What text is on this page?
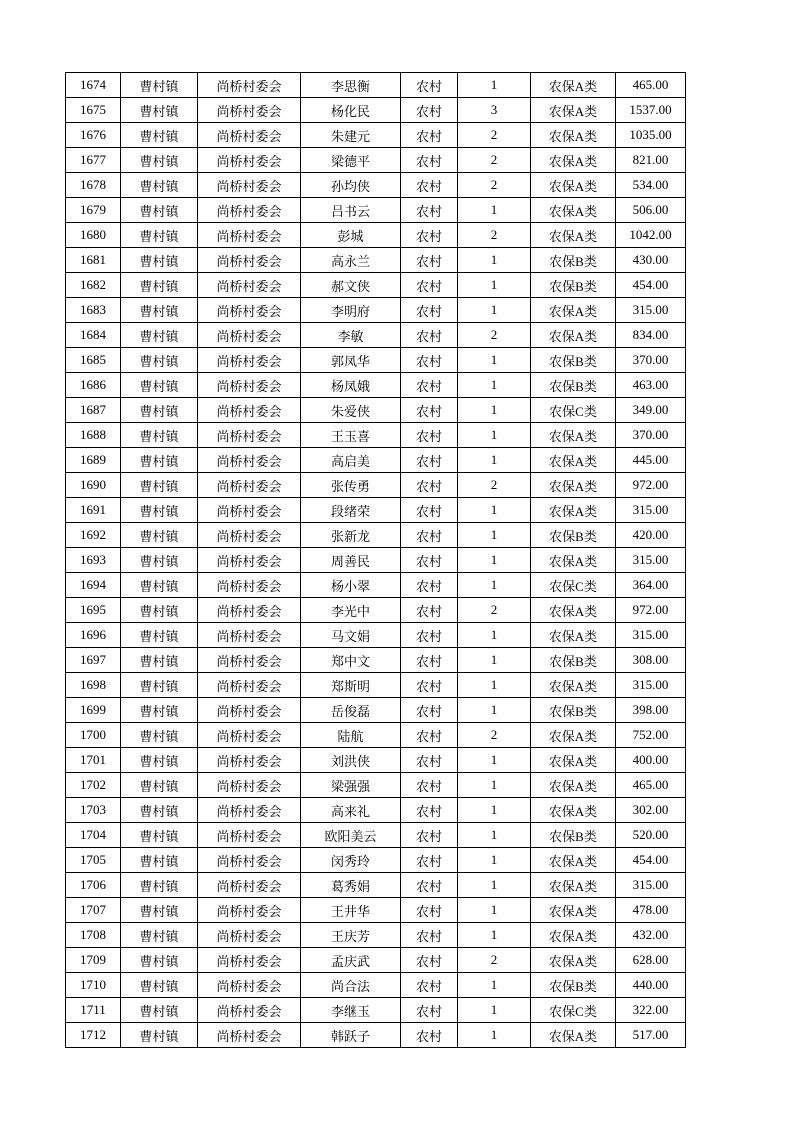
1674	曹村镇	尚桥村委会	李思衡	农村	1	农保A类	465.00
1675	曹村镇	尚桥村委会	杨化民	农村	3	农保A类	1537.00
1676	曹村镇	尚桥村委会	朱建元	农村	2	农保A类	1035.00
1677	曹村镇	尚桥村委会	梁德平	农村	2	农保A类	821.00
1678	曹村镇	尚桥村委会	孙均侠	农村	2	农保A类	534.00
1679	曹村镇	尚桥村委会	吕书云	农村	1	农保A类	506.00
1680	曹村镇	尚桥村委会	彭城	农村	2	农保A类	1042.00
1681	曹村镇	尚桥村委会	高永兰	农村	1	农保B类	430.00
1682	曹村镇	尚桥村委会	郝文侠	农村	1	农保B类	454.00
1683	曹村镇	尚桥村委会	李明府	农村	1	农保A类	315.00
1684	曹村镇	尚桥村委会	李敏	农村	2	农保A类	834.00
1685	曹村镇	尚桥村委会	郭凤华	农村	1	农保B类	370.00
1686	曹村镇	尚桥村委会	杨凤娥	农村	1	农保B类	463.00
1687	曹村镇	尚桥村委会	朱爱侠	农村	1	农保C类	349.00
1688	曹村镇	尚桥村委会	王玉喜	农村	1	农保A类	370.00
1689	曹村镇	尚桥村委会	高启美	农村	1	农保A类	445.00
1690	曹村镇	尚桥村委会	张传勇	农村	2	农保A类	972.00
1691	曹村镇	尚桥村委会	段绪荣	农村	1	农保A类	315.00
1692	曹村镇	尚桥村委会	张新龙	农村	1	农保B类	420.00
1693	曹村镇	尚桥村委会	周善民	农村	1	农保A类	315.00
1694	曹村镇	尚桥村委会	杨小翠	农村	1	农保C类	364.00
1695	曹村镇	尚桥村委会	李光中	农村	2	农保A类	972.00
1696	曹村镇	尚桥村委会	马文娟	农村	1	农保A类	315.00
1697	曹村镇	尚桥村委会	郑中文	农村	1	农保B类	308.00
1698	曹村镇	尚桥村委会	郑斯明	农村	1	农保A类	315.00
1699	曹村镇	尚桥村委会	岳俊磊	农村	1	农保B类	398.00
1700	曹村镇	尚桥村委会	陆航	农村	2	农保A类	752.00
1701	曹村镇	尚桥村委会	刘洪侠	农村	1	农保A类	400.00
1702	曹村镇	尚桥村委会	梁强强	农村	1	农保A类	465.00
1703	曹村镇	尚桥村委会	高来礼	农村	1	农保A类	302.00
1704	曹村镇	尚桥村委会	欧阳美云	农村	1	农保B类	520.00
1705	曹村镇	尚桥村委会	闵秀玲	农村	1	农保A类	454.00
1706	曹村镇	尚桥村委会	葛秀娟	农村	1	农保A类	315.00
1707	曹村镇	尚桥村委会	王井华	农村	1	农保A类	478.00
1708	曹村镇	尚桥村委会	王庆芳	农村	1	农保A类	432.00
1709	曹村镇	尚桥村委会	孟庆武	农村	2	农保A类	628.00
1710	曹村镇	尚桥村委会	尚合法	农村	1	农保B类	440.00
1711	曹村镇	尚桥村委会	李继玉	农村	1	农保C类	322.00
1712	曹村镇	尚桥村委会	韩跃子	农村	1	农保A类	517.00
